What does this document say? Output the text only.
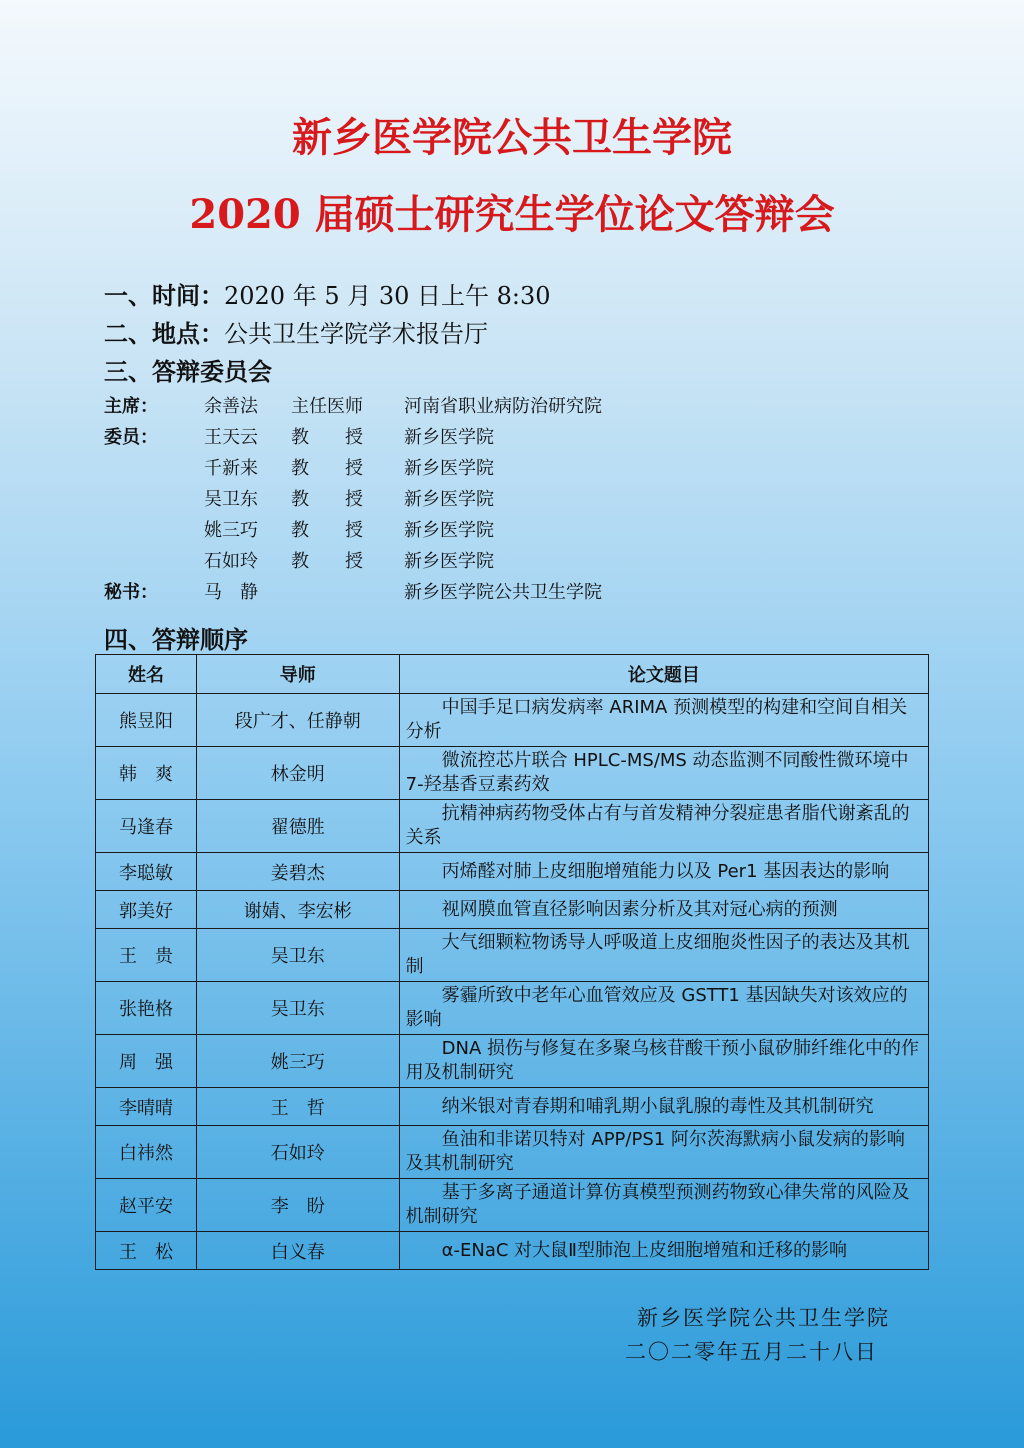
新乡医学院公共卫生学院
2020 届硕士研究生学位论文答辩会
一、时间：2020 年 5 月 30 日上午 8:30
二、地点：公共卫生学院学术报告厅
三、答辩委员会
主席：	余善法 主任医师 河南省职业病防治研究院
委员：	王天云 教　　授 新乡医学院
千新来 教　　授 新乡医学院
吴卫东 教　　授 新乡医学院
姚三巧 教　　授 新乡医学院
石如玲 教　　授 新乡医学院
秘书：	马　静	新乡医学院公共卫生学院
四、答辩顺序
姓名	导师	论文题目
熊昱阳	段广才、任静朝	中国手足口病发病率 ARIMA 预测模型的构建和空间自相关分析
韩　爽	林金明	微流控芯片联合 HPLC-MS/MS 动态监测不同酸性微环境中 7-羟基香豆素药效
马逢春	翟德胜	抗精神病药物受体占有与首发精神分裂症患者脂代谢紊乱的关系
李聪敏	姜碧杰	丙烯醛对肺上皮细胞增殖能力以及 Per1 基因表达的影响
郭美好	谢婧、李宏彬	视网膜血管直径影响因素分析及其对冠心病的预测
王　贵	吴卫东	大气细颗粒物诱导人呼吸道上皮细胞炎性因子的表达及其机制
张艳格	吴卫东	雾霾所致中老年心血管效应及 GSTT1 基因缺失对该效应的影响
周　强	姚三巧	DNA 损伤与修复在多聚乌核苷酸干预小鼠矽肺纤维化中的作用及机制研究
李晴晴	王　哲	纳米银对青春期和哺乳期小鼠乳腺的毒性及其机制研究
白祎然	石如玲	鱼油和非诺贝特对 APP/PS1 阿尔茨海默病小鼠发病的影响及其机制研究
赵平安	李　盼	基于多离子通道计算仿真模型预测药物致心律失常的风险及机制研究
王　松	白义春	α-ENaC 对大鼠Ⅱ型肺泡上皮细胞增殖和迁移的影响
新乡医学院公共卫生学院
二〇二零年五月二十八日
